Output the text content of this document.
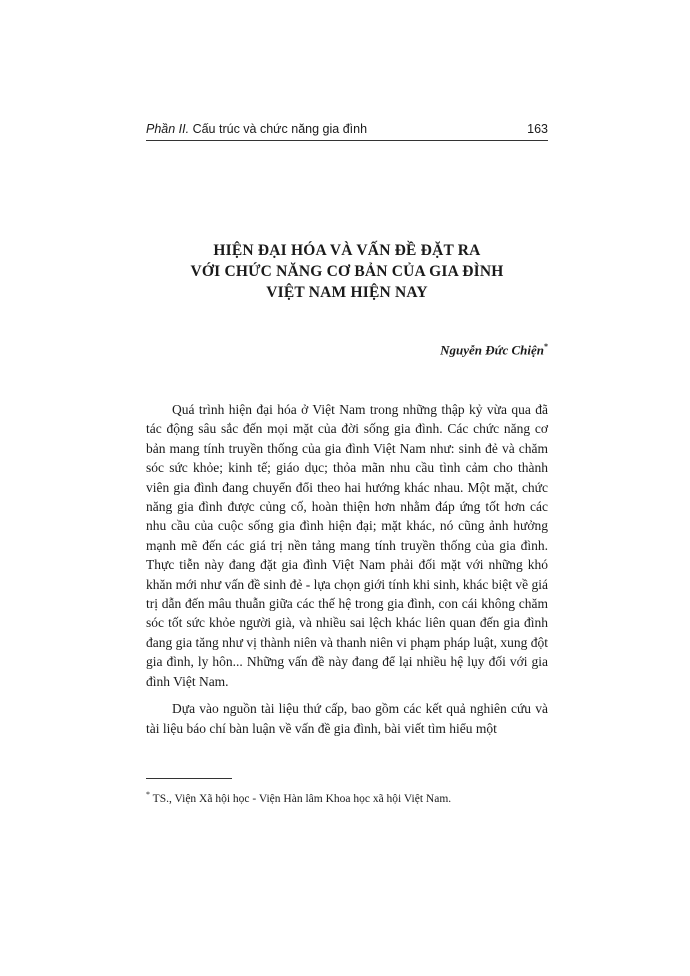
Phần II. Cấu trúc và chức năng gia đình	163
HIỆN ĐẠI HÓA VÀ VẤN ĐỀ ĐẶT RA
VỚI CHỨC NĂNG CƠ BẢN CỦA GIA ĐÌNH
VIỆT NAM HIỆN NAY
Nguyễn Đức Chiện*

Quá trình hiện đại hóa ở Việt Nam trong những thập kỷ vừa qua đã tác động sâu sắc đến mọi mặt của đời sống gia đình. Các chức năng cơ bản mang tính truyền thống của gia đình Việt Nam như: sinh đẻ và chăm sóc sức khỏe; kinh tế; giáo dục; thỏa mãn nhu cầu tình cảm cho thành viên gia đình đang chuyển đổi theo hai hướng khác nhau. Một mặt, chức năng gia đình được củng cố, hoàn thiện hơn nhằm đáp ứng tốt hơn các nhu cầu của cuộc sống gia đình hiện đại; mặt khác, nó cũng ảnh hưởng mạnh mẽ đến các giá trị nền tảng mang tính truyền thống của gia đình. Thực tiễn này đang đặt gia đình Việt Nam phải đối mặt với những khó khăn mới như vấn đề sinh đẻ - lựa chọn giới tính khi sinh, khác biệt về giá trị dẫn đến mâu thuẫn giữa các thế hệ trong gia đình, con cái không chăm sóc tốt sức khỏe người già, và nhiều sai lệch khác liên quan đến gia đình đang gia tăng như vị thành niên và thanh niên vi phạm pháp luật, xung đột gia đình, ly hôn... Những vấn đề này đang để lại nhiều hệ lụy đối với gia đình Việt Nam.

Dựa vào nguồn tài liệu thứ cấp, bao gồm các kết quả nghiên cứu và tài liệu báo chí bàn luận về vấn đề gia đình, bài viết tìm hiểu một

* TS., Viện Xã hội học - Viện Hàn lâm Khoa học xã hội Việt Nam.
